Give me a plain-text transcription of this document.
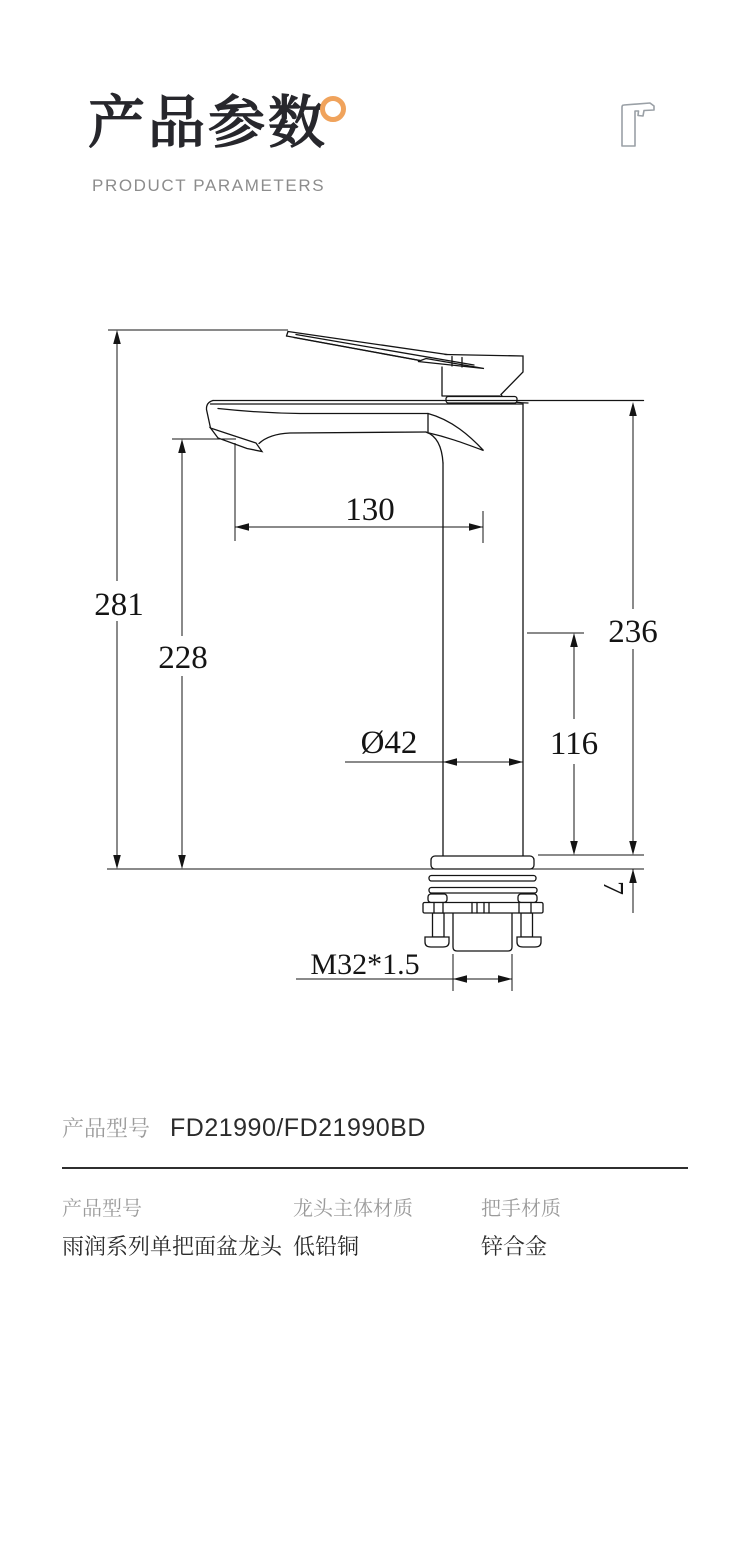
产品参数
PRODUCT PARAMETERS
281
228
236
116
130
Ø42
M32*1.5
7
产品型号 FD21990/FD21990BD
产品型号
雨润系列单把面盆龙头
龙头主体材质
低铅铜
把手材质
锌合金
